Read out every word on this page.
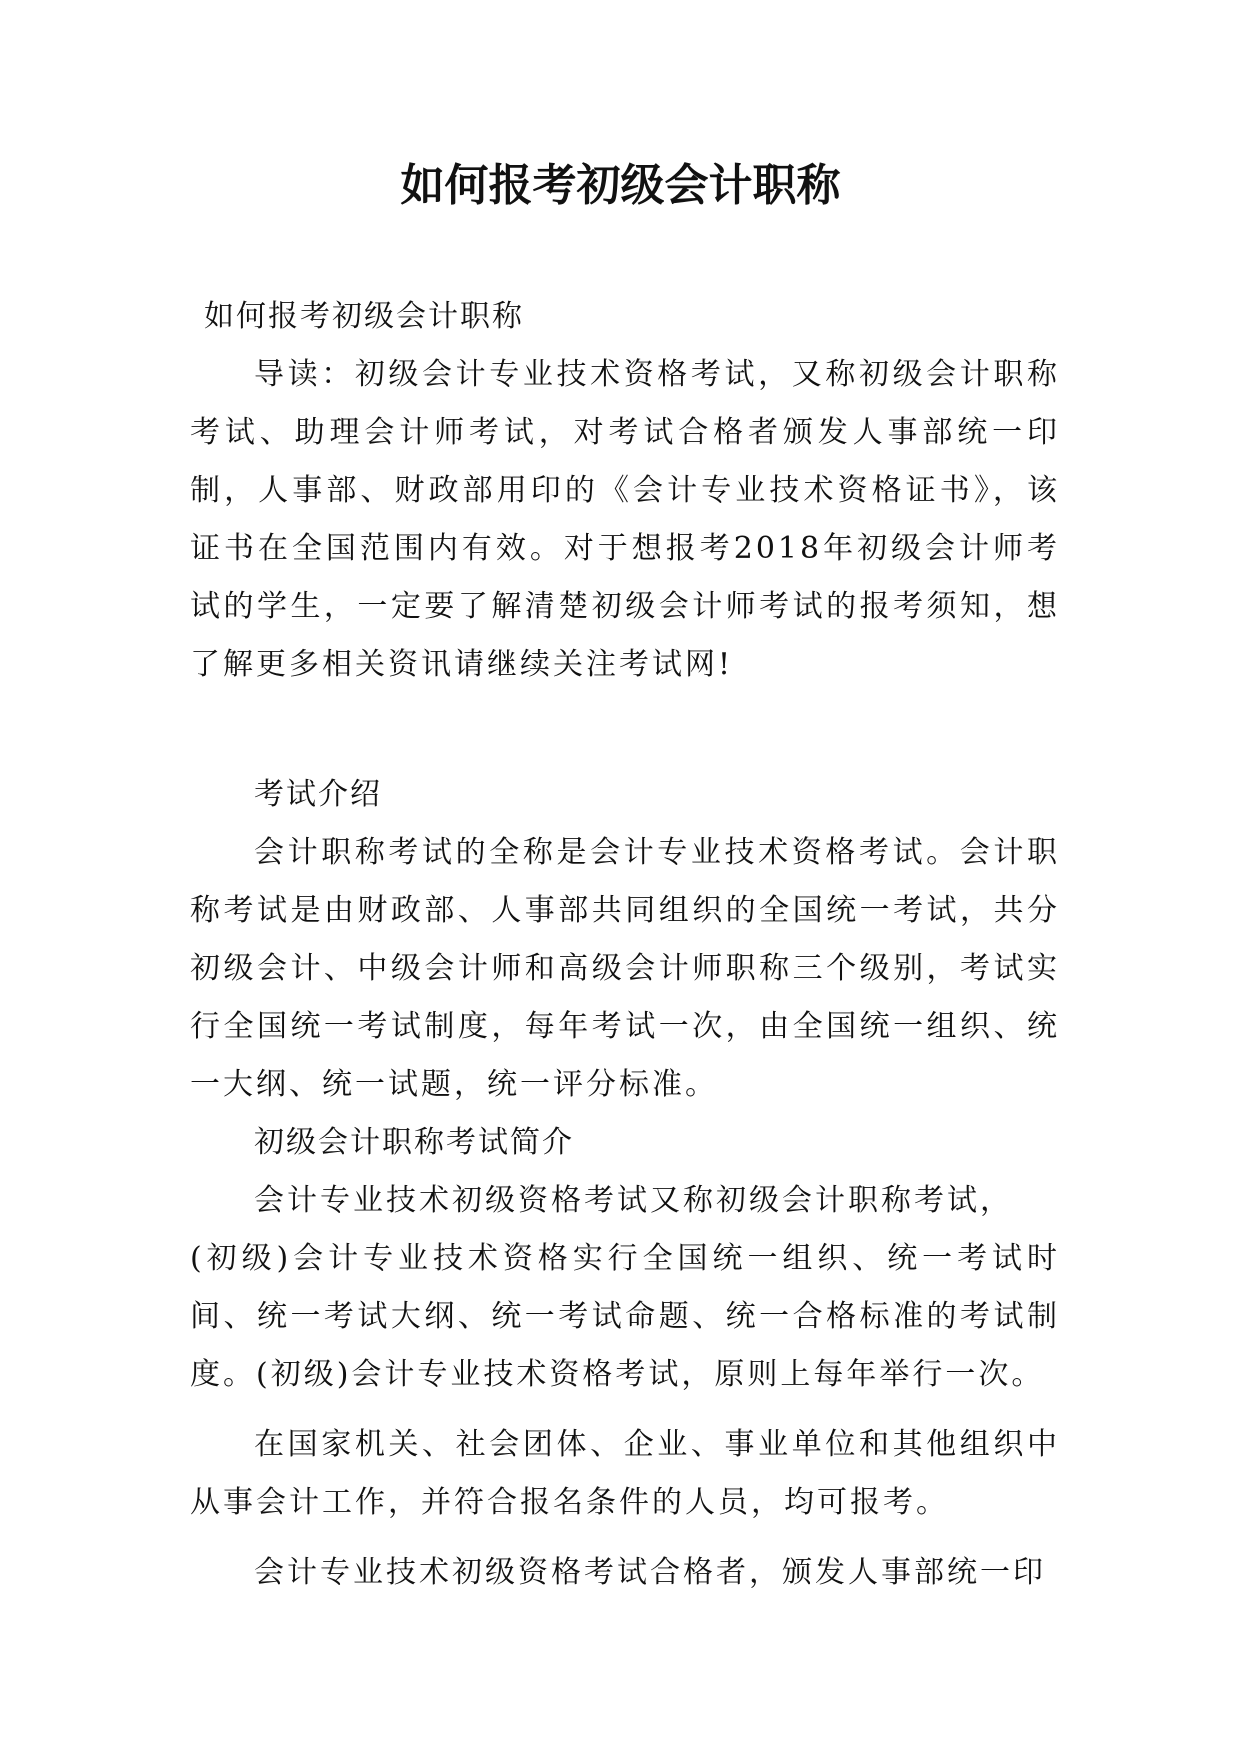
如何报考初级会计职称

如何报考初级会计职称

导读：初级会计专业技术资格考试，又称初级会计职称考试、助理会计师考试，对考试合格者颁发人事部统一印制，人事部、财政部用印的《会计专业技术资格证书》，该证书在全国范围内有效。对于想报考2018年初级会计师考试的学生，一定要了解清楚初级会计师考试的报考须知，想了解更多相关资讯请继续关注考试网!

考试介绍

会计职称考试的全称是会计专业技术资格考试。会计职称考试是由财政部、人事部共同组织的全国统一考试，共分初级会计、中级会计师和高级会计师职称三个级别，考试实行全国统一考试制度，每年考试一次，由全国统一组织、统一大纲、统一试题，统一评分标准。

初级会计职称考试简介

会计专业技术初级资格考试又称初级会计职称考试，

(初级)会计专业技术资格实行全国统一组织、统一考试时间、统一考试大纲、统一考试命题、统一合格标准的考试制度。(初级)会计专业技术资格考试，原则上每年举行一次。

在国家机关、社会团体、企业、事业单位和其他组织中从事会计工作，并符合报名条件的人员，均可报考。

会计专业技术初级资格考试合格者，颁发人事部统一印
